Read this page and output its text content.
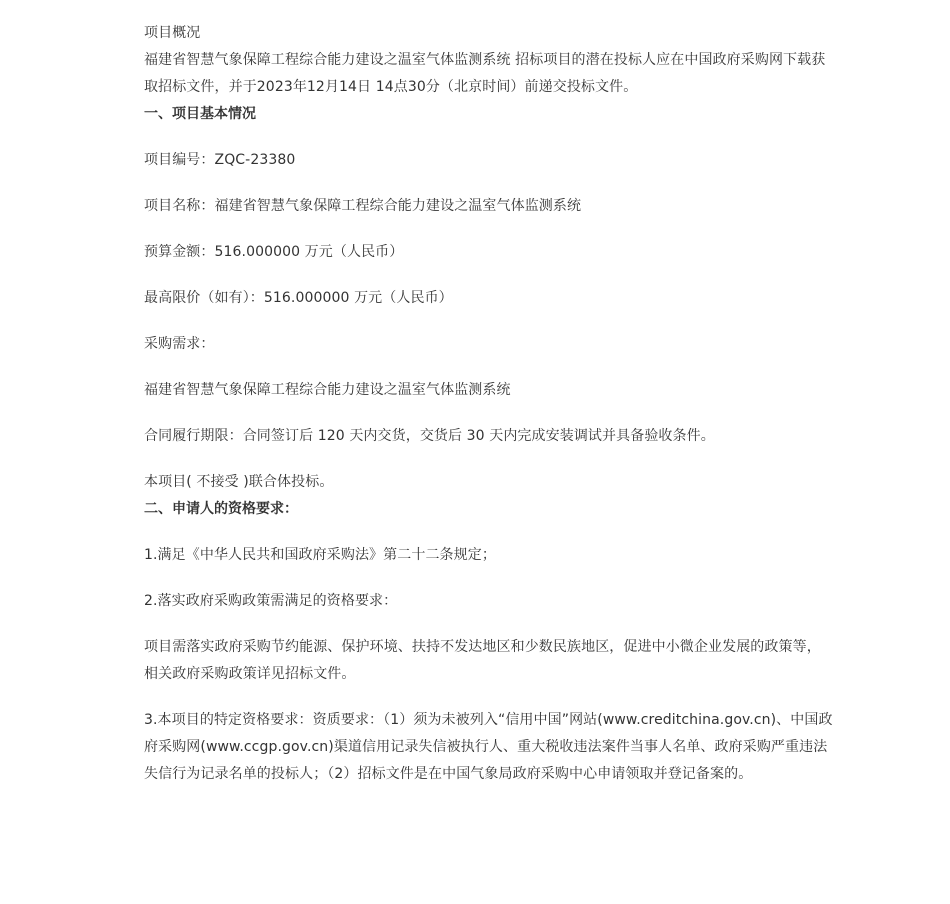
项目概况

福建省智慧气象保障工程综合能力建设之温室气体监测系统 招标项目的潜在投标人应在中国政府采购网下载获取招标文件，并于2023年12月14日 14点30分（北京时间）前递交投标文件。

一、项目基本情况

项目编号：ZQC-23380

项目名称：福建省智慧气象保障工程综合能力建设之温室气体监测系统

预算金额：516.000000 万元（人民币）

最高限价（如有）：516.000000 万元（人民币）

采购需求：

福建省智慧气象保障工程综合能力建设之温室气体监测系统

合同履行期限：合同签订后 120 天内交货，交货后 30 天内完成安装调试并具备验收条件。

本项目( 不接受 )联合体投标。

二、申请人的资格要求：

1.满足《中华人民共和国政府采购法》第二十二条规定；

2.落实政府采购政策需满足的资格要求：

项目需落实政府采购节约能源、保护环境、扶持不发达地区和少数民族地区，促进中小微企业发展的政策等，相关政府采购政策详见招标文件。

3.本项目的特定资格要求：资质要求：（1）须为未被列入“信用中国”网站(www.creditchina.gov.cn)、中国政府采购网(www.ccgp.gov.cn)渠道信用记录失信被执行人、重大税收违法案件当事人名单、政府采购严重违法失信行为记录名单的投标人；（2）招标文件是在中国气象局政府采购中心申请领取并登记备案的。
